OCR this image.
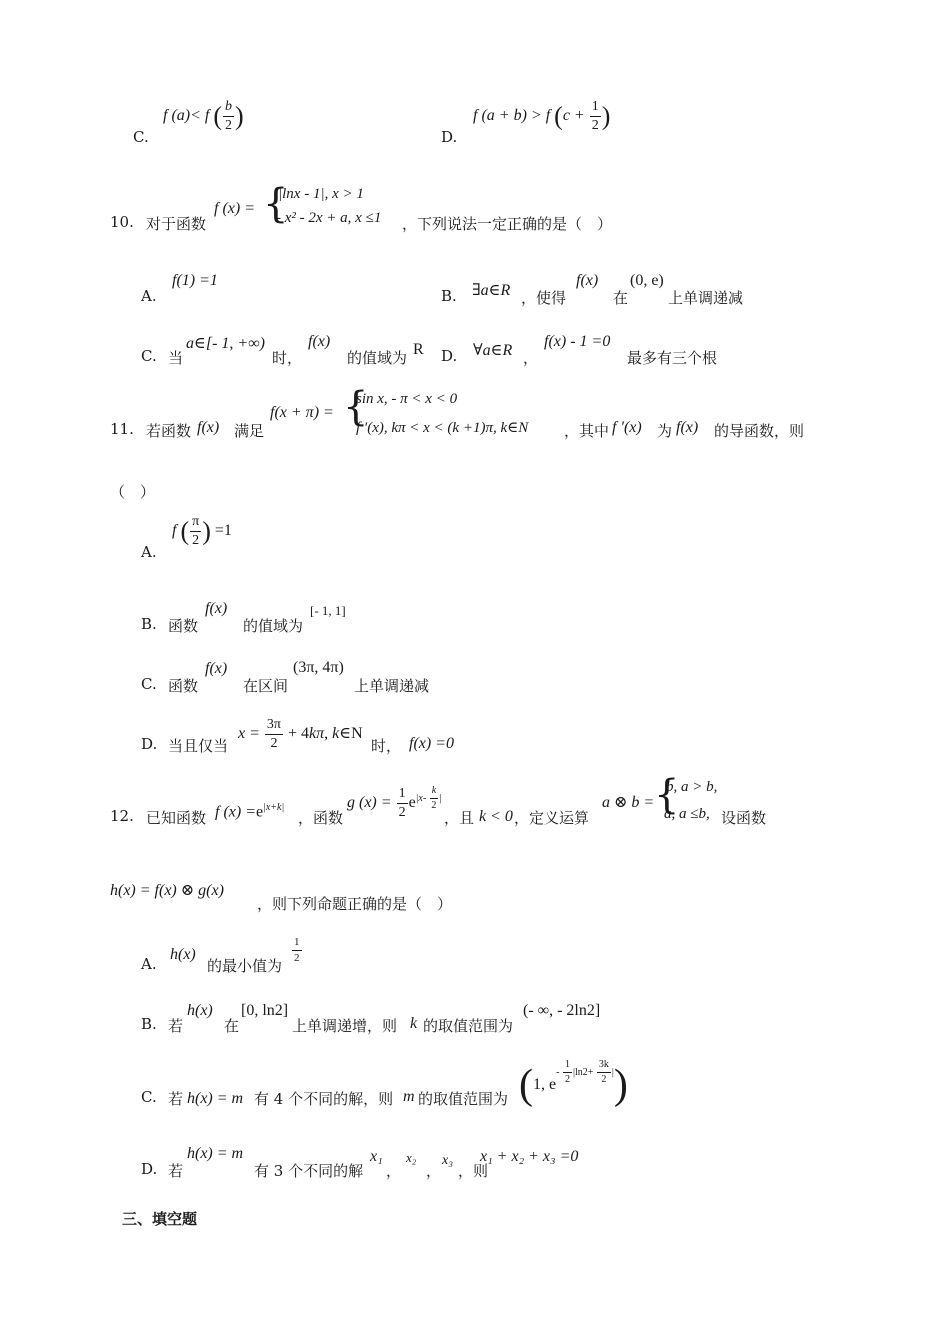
C.
f (a)< f ( $\frac{b}{2}$ )
D.
f (a + b) > f ($c + \frac{1}{2}$ )
10. 对于函数
f (x) = {
|lnx - 1|, x > 1
- x² - 2x + a, x ≤1 ，下列说法一定正确的是（　）
A.
f(1) =1
B. ∃a∈R ，使得
f(x)
在
(0, e)
上单调递减
C. 当
a∈[- 1, +∞)
时，
f(x)
的值域为 R D. ∀a∈R ，
f(x) - 1 =0
最多有三个根
11. 若函数 f(x) 满足
f(x + π) = {
sin x, - π < x < 0
f ′(x), kπ < x < (k +1)π, k∈N ，其中 f ′(x) 为 f(x) 的导函数，则
（　）
A.
f ( $\frac{\pi}{2}$ ) =1
B. 函数
f(x)
的值域为
[- 1, 1]
C. 函数
f(x)
在区间
(3π, 4π)
上单调递减
D. 当且仅当
$x = \frac{3\pi}{2} + 4k\pi$, k∈N
时， f(x) =0
12. 已知函数 f $(x) =e^{|x+k|}$
，函数
g $(x) = \frac{1}{2} e^{|x- \frac{k}{2} |}$
，且 k < 0 ，定义运算
a ⊗ b = {
b, a > b,
a, a ≤b, 设函数
h(x) = f(x) ⊗ g(x)
，则下列命题正确的是（　）
A.
h(x)
的最小值为
$\frac{1}{2}$
B. 若
h(x)
在
[0, ln2]
上单调递增，则 k 的取值范围为
(- ∞, - 2ln2]
C. 若 h(x) = m 有 4 个不同的解，则 m 的取值范围为 (1, $e^{- \frac{1}{2} |ln2+ \frac{3k}{2} |}$)
D. 若
h(x) = m
有 3 个不同的解
x₁
，
x₂
，
x₃
，则
x₁ + x₂ + x₃ =0
三、填空题
